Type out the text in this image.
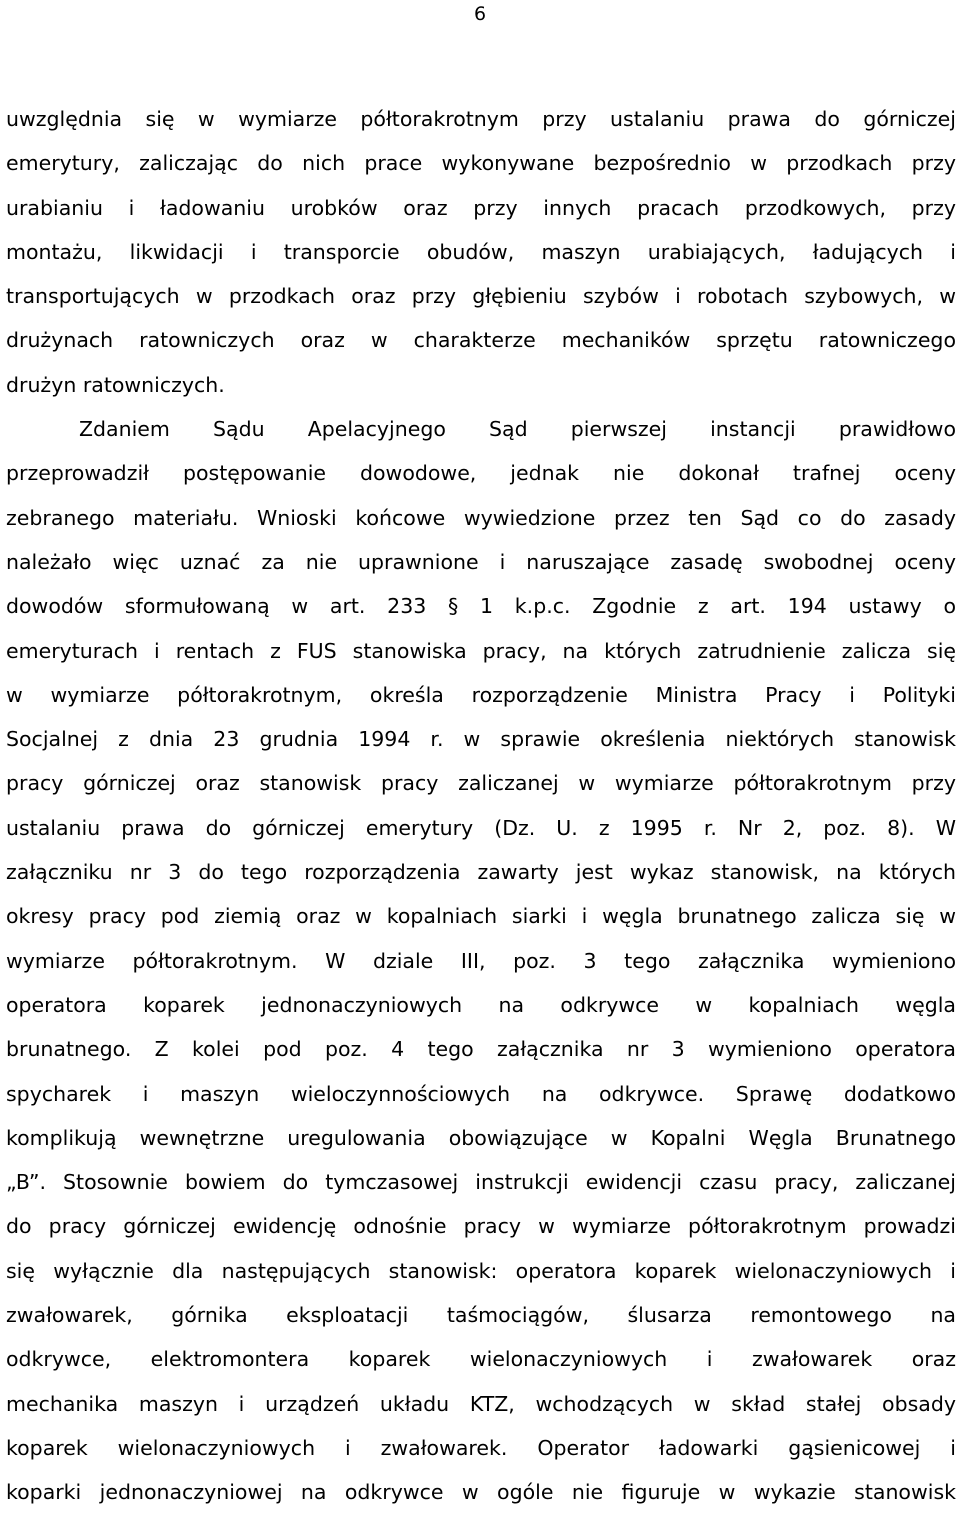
6
uwzględnia się w wymiarze półtorakrotnym przy ustalaniu prawa do górniczej
emerytury, zaliczając do nich prace wykonywane bezpośrednio w przodkach przy
urabianiu i ładowaniu urobków oraz przy innych pracach przodkowych, przy
montażu, likwidacji i transporcie obudów, maszyn urabiających, ładujących i
transportujących w przodkach oraz przy głębieniu szybów i robotach szybowych, w
drużynach ratowniczych oraz w charakterze mechaników sprzętu ratowniczego
drużyn ratowniczych.
Zdaniem Sądu Apelacyjnego Sąd pierwszej instancji prawidłowo
przeprowadził postępowanie dowodowe, jednak nie dokonał trafnej oceny
zebranego materiału. Wnioski końcowe wywiedzione przez ten Sąd co do zasady
należało więc uznać za nie uprawnione i naruszające zasadę swobodnej oceny
dowodów sformułowaną w art. 233 § 1 k.p.c. Zgodnie z art. 194 ustawy o
emeryturach i rentach z FUS stanowiska pracy, na których zatrudnienie zalicza się
w wymiarze półtorakrotnym, określa rozporządzenie Ministra Pracy i Polityki
Socjalnej z dnia 23 grudnia 1994 r. w sprawie określenia niektórych stanowisk
pracy górniczej oraz stanowisk pracy zaliczanej w wymiarze półtorakrotnym przy
ustalaniu prawa do górniczej emerytury (Dz. U. z 1995 r. Nr 2, poz. 8). W
załączniku nr 3 do tego rozporządzenia zawarty jest wykaz stanowisk, na których
okresy pracy pod ziemią oraz w kopalniach siarki i węgla brunatnego zalicza się w
wymiarze półtorakrotnym. W dziale III, poz. 3 tego załącznika wymieniono
operatora koparek jednonaczyniowych na odkrywce w kopalniach węgla
brunatnego. Z kolei pod poz. 4 tego załącznika nr 3 wymieniono operatora
spycharek i maszyn wieloczynnościowych na odkrywce. Sprawę dodatkowo
komplikują wewnętrzne uregulowania obowiązujące w Kopalni Węgla Brunatnego
„B”. Stosownie bowiem do tymczasowej instrukcji ewidencji czasu pracy, zaliczanej
do pracy górniczej ewidencję odnośnie pracy w wymiarze półtorakrotnym prowadzi
się wyłącznie dla następujących stanowisk: operatora koparek wielonaczyniowych i
zwałowarek, górnika eksploatacji taśmociągów, ślusarza remontowego na
odkrywce, elektromontera koparek wielonaczyniowych i zwałowarek oraz
mechanika maszyn i urządzeń układu KTZ, wchodzących w skład stałej obsady
koparek wielonaczyniowych i zwałowarek. Operator ładowarki gąsienicowej i
koparki jednonaczyniowej na odkrywce w ogóle nie figuruje w wykazie stanowisk
